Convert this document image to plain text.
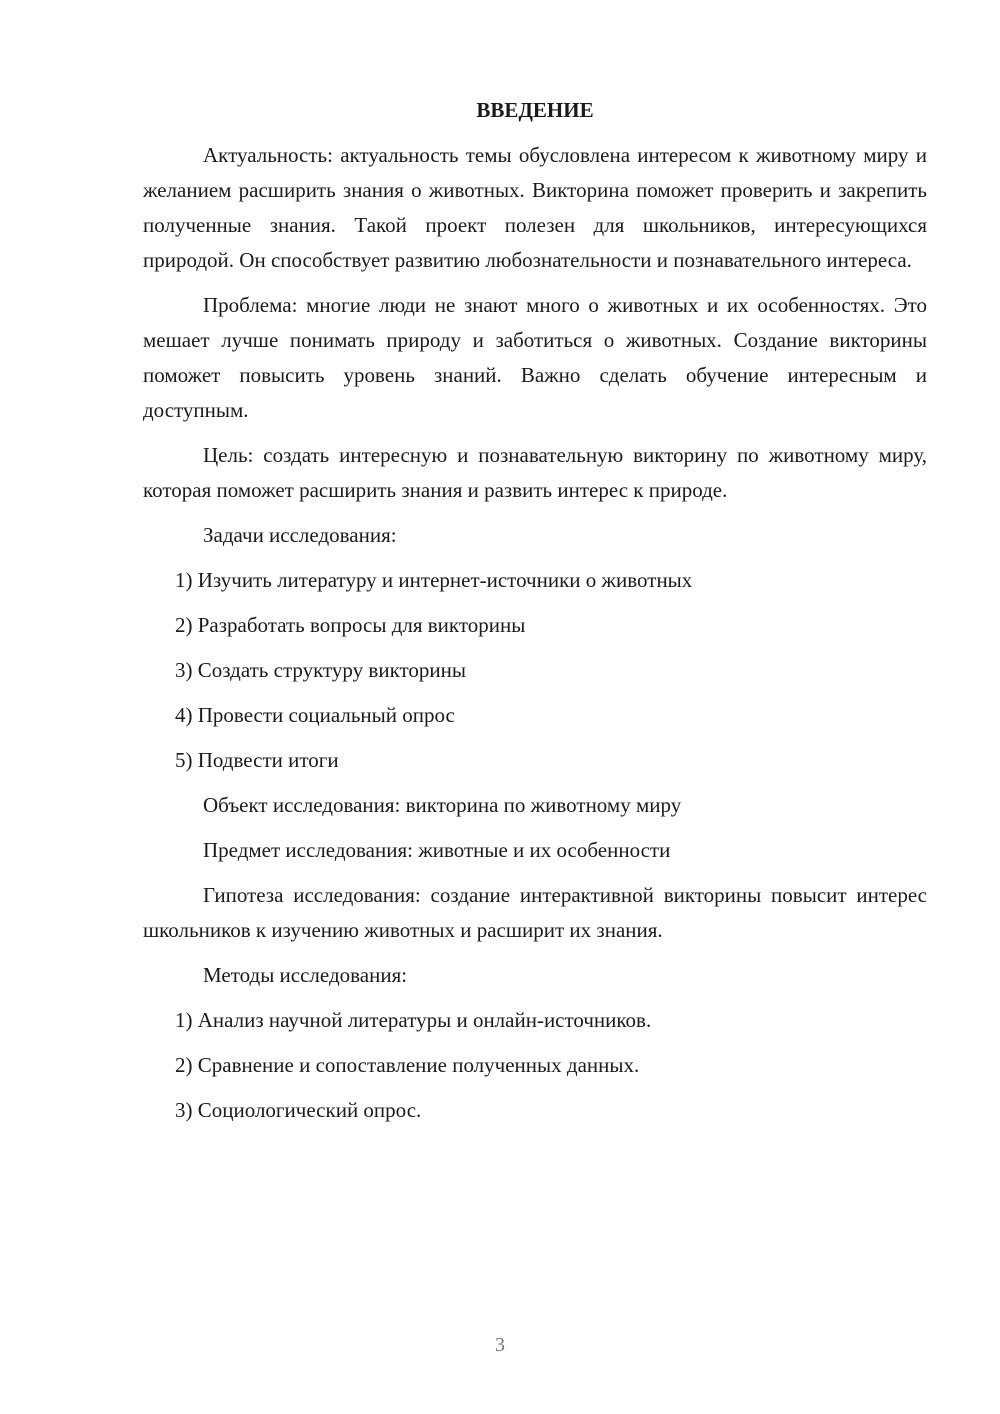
ВВЕДЕНИЕ

Актуальность: актуальность темы обусловлена интересом к животному миру и желанием расширить знания о животных. Викторина поможет проверить и закрепить полученные знания. Такой проект полезен для школьников, интересующихся природой. Он способствует развитию любознательности и познавательного интереса.

Проблема: многие люди не знают много о животных и их особенностях. Это мешает лучше понимать природу и заботиться о животных. Создание викторины поможет повысить уровень знаний. Важно сделать обучение интересным и доступным.

Цель: создать интересную и познавательную викторину по животному миру, которая поможет расширить знания и развить интерес к природе.

Задачи исследования:

1) Изучить литературу и интернет-источники о животных
2) Разработать вопросы для викторины
3) Создать структуру викторины
4) Провести социальный опрос
5) Подвести итоги

Объект исследования: викторина по животному миру

Предмет исследования: животные и их особенности

Гипотеза исследования: создание интерактивной викторины повысит интерес школьников к изучению животных и расширит их знания.

Методы исследования:

1) Анализ научной литературы и онлайн-источников.
2) Сравнение и сопоставление полученных данных.
3) Социологический опрос.
3
